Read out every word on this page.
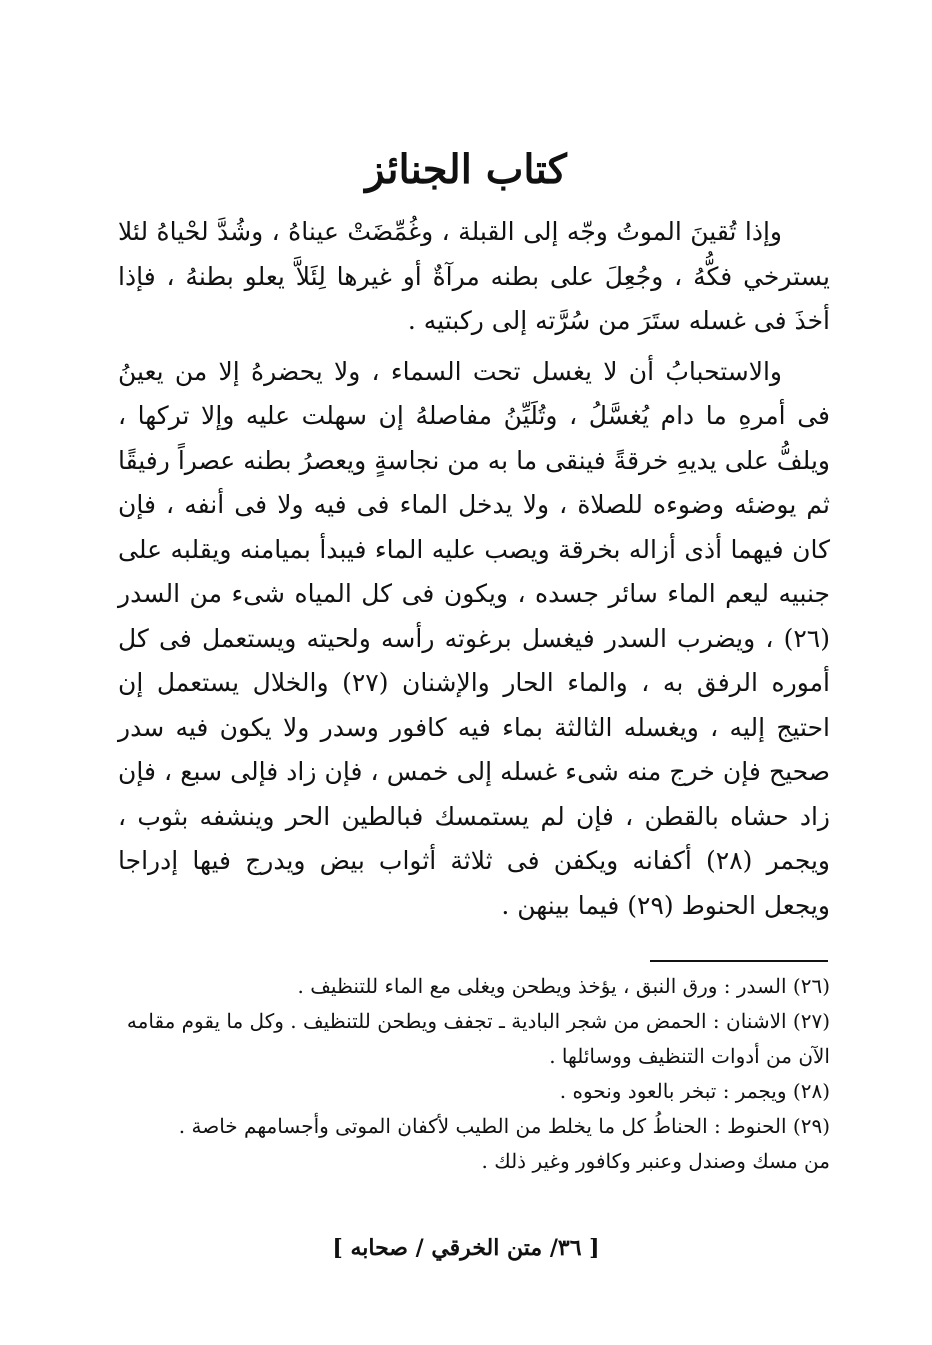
كتاب الجنائز

وإذا تُقينَ الموتُ وجّه إلى القبلة ، وغُمِّضَتْ عيناهُ ، وشُدَّ لحْياهُ لئلا يسترخي فكُّهُ ، وجُعِلَ على بطنه مرآةٌ أو غيرها لِئَلاَّ يعلو بطنهُ ، فإذا أخذَ فى غسله ستَرَ من سُرَّته إلى ركبتيه .

والاستحبابُ أن لا يغسل تحت السماء ، ولا يحضرهُ إلا من يعينُ فى أمرهِ ما دام يُغسَّلُ ، وتُلَيِّنُ مفاصلهُ إن سهلت عليه وإلا تركها ، ويلفُّ على يديهِ خرقةً فينقى ما به من نجاسةٍ ويعصرُ بطنه عصراً رفيقًا ثم يوضئه وضوءه للصلاة ، ولا يدخل الماء فى فيه ولا فى أنفه ، فإن كان فيهما أذى أزاله بخرقة ويصب عليه الماء فيبدأ بميامنه ويقلبه على جنبيه ليعم الماء سائر جسده ، ويكون فى كل المياه شىء من السدر (٢٦) ، ويضرب السدر فيغسل برغوته رأسه ولحيته ويستعمل فى كل أموره الرفق به ، والماء الحار والإشنان (٢٧) والخلال يستعمل إن احتيج إليه ، ويغسله الثالثة بماء فيه كافور وسدر ولا يكون فيه سدر صحيح فإن خرج منه شىء غسله إلى خمس ، فإن زاد فإلى سبع ، فإن زاد حشاه بالقطن ، فإن لم يستمسك فبالطين الحر وينشفه بثوب ، ويجمر (٢٨) أكفانه ويكفن فى ثلاثة أثواب بيض ويدرج فيها إدراجا ويجعل الحنوط (٢٩) فيما بينهن .

(٢٦) السدر : ورق النبق ، يؤخذ ويطحن ويغلى مع الماء للتنظيف .

(٢٧) الاشنان : الحمض من شجر البادية ـ تجفف ويطحن للتنظيف . وكل ما يقوم مقامه

الآن من أدوات التنظيف ووسائلها .

(٢٨) ويجمر : تبخر بالعود ونحوه .

(٢٩) الحنوط : الحناطُ كل ما يخلط من الطيب لأكفان الموتى وأجسامهم خاصة .

من مسك وصندل وعنبر وكافور وغير ذلك .

[ ٣٦/ متن الخرقي / صحابه ]
